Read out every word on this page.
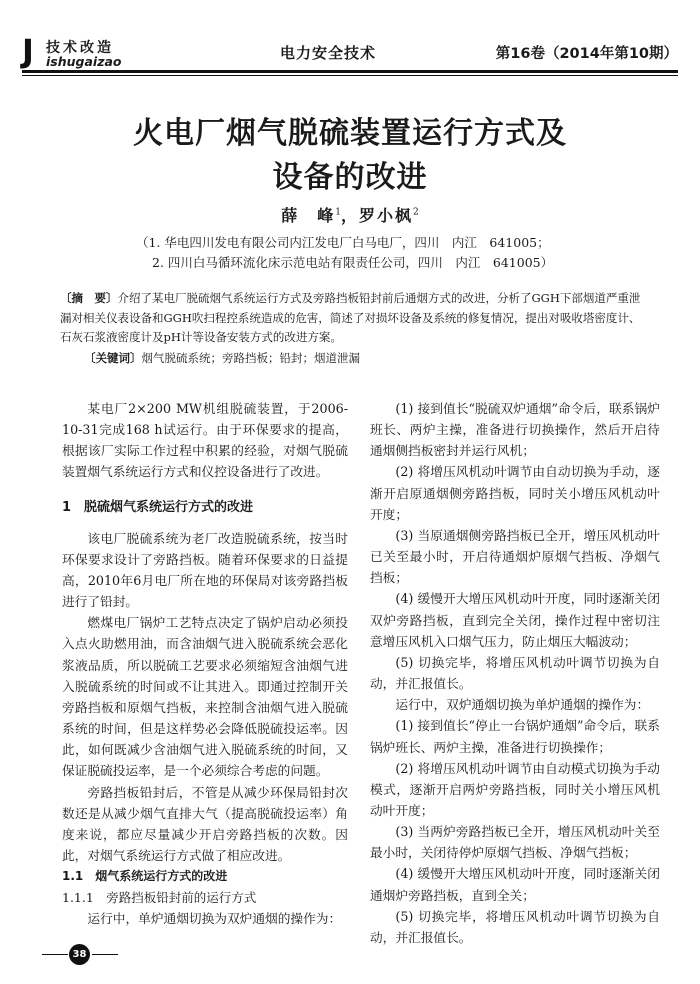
J 技术改造
ishugaizao	电力安全技术	第16卷（2014年第10期）
火电厂烟气脱硫装置运行方式及
设备的改进
薛　峰$^1$，罗小枫$^2$
（1. 华电四川发电有限公司内江发电厂白马电厂，四川　内江　641005；
2. 四川白马循环流化床示范电站有限责任公司，四川　内江　641005）
〔摘　要〕介绍了某电厂脱硫烟气系统运行方式及旁路挡板铅封前后通烟方式的改进，分析了GGH下部烟道严重泄漏对相关仪表设备和GGH吹扫程控系统造成的危害，简述了对损坏设备及系统的修复情况，提出对吸收塔密度计、石灰石浆液密度计及pH计等设备安装方式的改进方案。
〔关键词〕烟气脱硫系统；旁路挡板；铅封；烟道泄漏

某电厂2×200 MW机组脱硫装置，于2006-10-31完成168 h试运行。由于环保要求的提高，根据该厂实际工作过程中积累的经验，对烟气脱硫装置烟气系统运行方式和仪控设备进行了改进。

1　脱硫烟气系统运行方式的改进

该电厂脱硫系统为老厂改造脱硫系统，按当时环保要求设计了旁路挡板。随着环保要求的日益提高，2010年6月电厂所在地的环保局对该旁路挡板进行了铅封。

燃煤电厂锅炉工艺特点决定了锅炉启动必须投入点火助燃用油，而含油烟气进入脱硫系统会恶化浆液品质，所以脱硫工艺要求必须缩短含油烟气进入脱硫系统的时间或不让其进入。即通过控制开关旁路挡板和原烟气挡板，来控制含油烟气进入脱硫系统的时间，但是这样势必会降低脱硫投运率。因此，如何既减少含油烟气进入脱硫系统的时间，又保证脱硫投运率，是一个必须综合考虑的问题。

旁路挡板铅封后，不管是从减少环保局铅封次数还是从减少烟气直排大气（提高脱硫投运率）角度来说，都应尽量减少开启旁路挡板的次数。因此，对烟气系统运行方式做了相应改进。

1.1　烟气系统运行方式的改进

1.1.1　旁路挡板铅封前的运行方式

运行中，单炉通烟切换为双炉通烟的操作为：

(1) 接到值长“脱硫双炉通烟”命令后，联系锅炉班长、两炉主操，准备进行切换操作，然后开启待通烟侧挡板密封并运行风机；

(2) 将增压风机动叶调节由自动切换为手动，逐渐开启原通烟侧旁路挡板，同时关小增压风机动叶开度；

(3) 当原通烟侧旁路挡板已全开，增压风机动叶已关至最小时，开启待通烟炉原烟气挡板、净烟气挡板；

(4) 缓慢开大增压风机动叶开度，同时逐渐关闭双炉旁路挡板，直到完全关闭，操作过程中密切注意增压风机入口烟气压力，防止烟压大幅波动；

(5) 切换完毕，将增压风机动叶调节切换为自动，并汇报值长。

运行中，双炉通烟切换为单炉通烟的操作为：

(1) 接到值长“停止一台锅炉通烟”命令后，联系锅炉班长、两炉主操，准备进行切换操作；

(2) 将增压风机动叶调节由自动模式切换为手动模式，逐渐开启两炉旁路挡板，同时关小增压风机动叶开度；

(3) 当两炉旁路挡板已全开，增压风机动叶关至最小时，关闭待停炉原烟气挡板、净烟气挡板；

(4) 缓慢开大增压风机动叶开度，同时逐渐关闭通烟炉旁路挡板，直到全关；

(5) 切换完毕，将增压风机动叶调节切换为自动，并汇报值长。

38
